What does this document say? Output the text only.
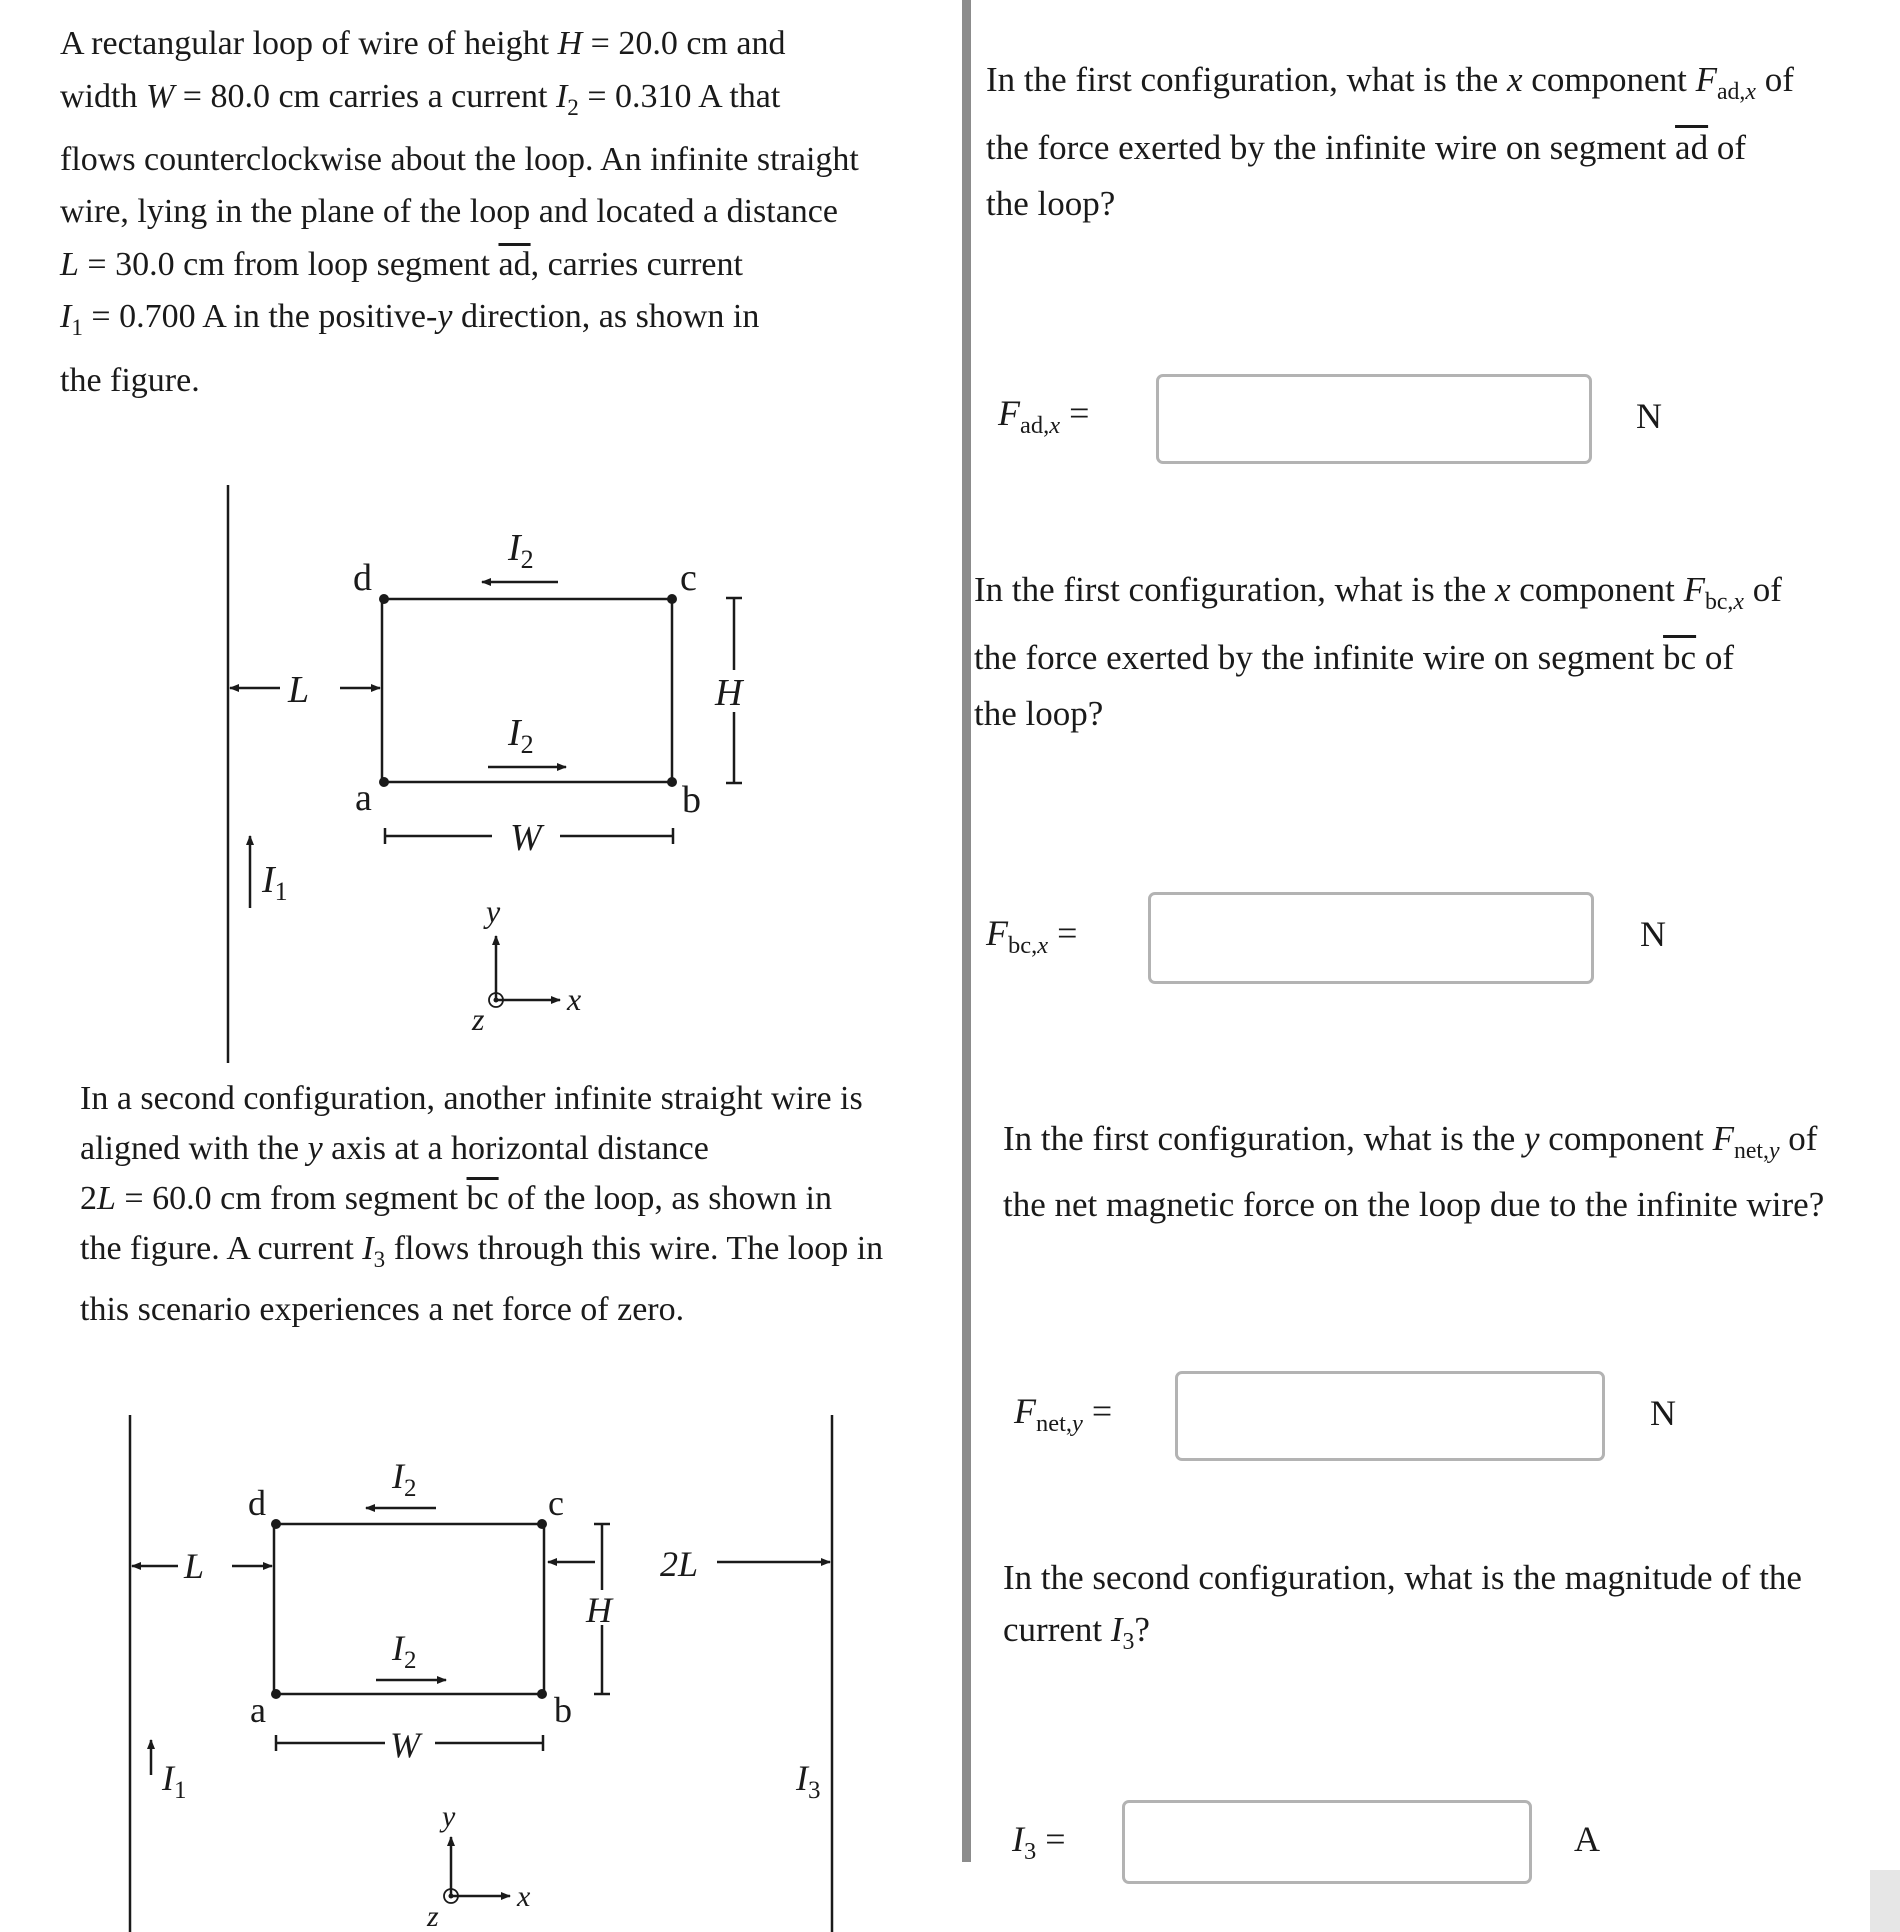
A rectangular loop of wire of height H = 20.0 cm and
width W = 80.0 cm carries a current $I_2 = 0.310$ A that
flows counterclockwise about the loop. An infinite straight
wire, lying in the plane of the loop and located a distance
L = 30.0 cm from loop segment $\overline{ad}$, carries current
$I_1 = 0.700$ A in the positive-y direction, as shown in
the figure.
$I_2$
$I_2$
d	c
a	b
H
L
W
$I_1$
y
x
z
In a second configuration, another infinite straight wire is
aligned with the y axis at a horizontal distance
2L = 60.0 cm from segment $\overline{bc}$ of the loop, as shown in
the figure. A current $I_3$ flows through this wire. The loop in
this scenario experiences a net force of zero.
$I_2$
$I_2$
d	c
a	b
H
L	2L
W
$I_1$	$I_3$
y
x
z
In the first configuration, what is the x component $F_{ad,x}$ of
the force exerted by the infinite wire on segment $\overline{ad}$ of
the loop?
$F_{ad,x}$ =	N
In the first configuration, what is the x component $F_{bc,x}$ of
the force exerted by the infinite wire on segment $\overline{bc}$ of
the loop?
$F_{bc,x}$ =	N
In the first configuration, what is the y component $F_{net,y}$ of
the net magnetic force on the loop due to the infinite wire?
$F_{net,y}$ =	N
In the second configuration, what is the magnitude of the
current $I_3$?
$I_3$ =	A
